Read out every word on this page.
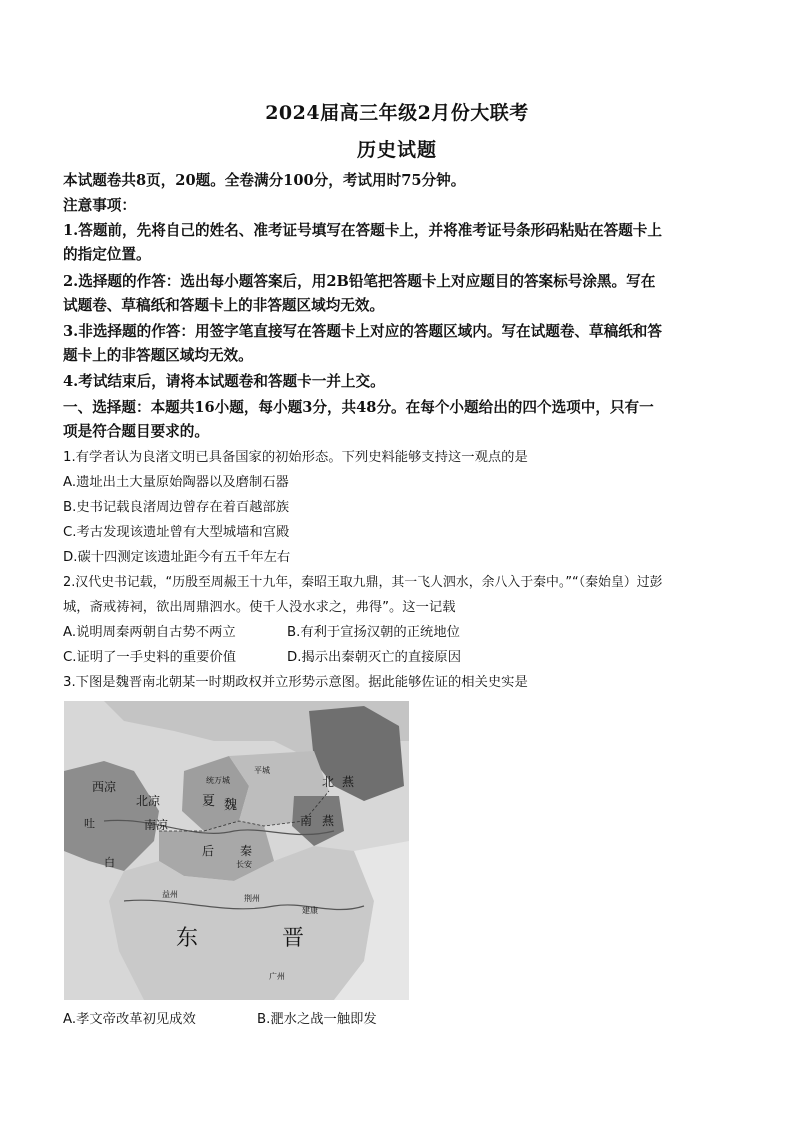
2024届高三年级2月份大联考
历史试题
本试题卷共8页，20题。全卷满分100分，考试用时75分钟。
注意事项：
1.答题前，先将自己的姓名、准考证号填写在答题卡上，并将准考证号条形码粘贴在答题卡上
的指定位置。
2.选择题的作答：选出每小题答案后，用2B铅笔把答题卡上对应题目的答案标号涂黑。写在
试题卷、草稿纸和答题卡上的非答题区域均无效。
3.非选择题的作答：用签字笔直接写在答题卡上对应的答题区域内。写在试题卷、草稿纸和答
题卡上的非答题区域均无效。
4.考试结束后，请将本试题卷和答题卡一并上交。
一、选择题：本题共16小题，每小题3分，共48分。在每个小题给出的四个选项中，只有一
项是符合题目要求的。
1.有学者认为良渚文明已具备国家的初始形态。下列史料能够支持这一观点的是
A.遗址出土大量原始陶器以及磨制石器
B.史书记载良渚周边曾存在着百越部族
C.考古发现该遗址曾有大型城墙和宫殿
D.碳十四测定该遗址距今有五千年左右
2.汉代史书记载，“历殷至周赧王十九年，秦昭王取九鼎，其一飞人泗水，余八入于秦中。”“（秦始皇）过彭
城，斋戒祷祠，欲出周鼎泗水。使千人没水求之，弗得”。这一记载
A.说明周秦两朝自古势不两立	B.有利于宣扬汉朝的正统地位
C.证明了一手史料的重要价值	D.揭示出秦朝灭亡的直接原因
3.下图是魏晋南北朝某一时期政权并立形势示意图。据此能够佐证的相关史实是
西凉
北凉
南凉
夏 魏
北 燕
南 燕
后 秦
东	晋
吐
白	长安
平城
统万城
广州
建康
荆州
益州
A.孝文帝改革初见成效	B.淝水之战一触即发
